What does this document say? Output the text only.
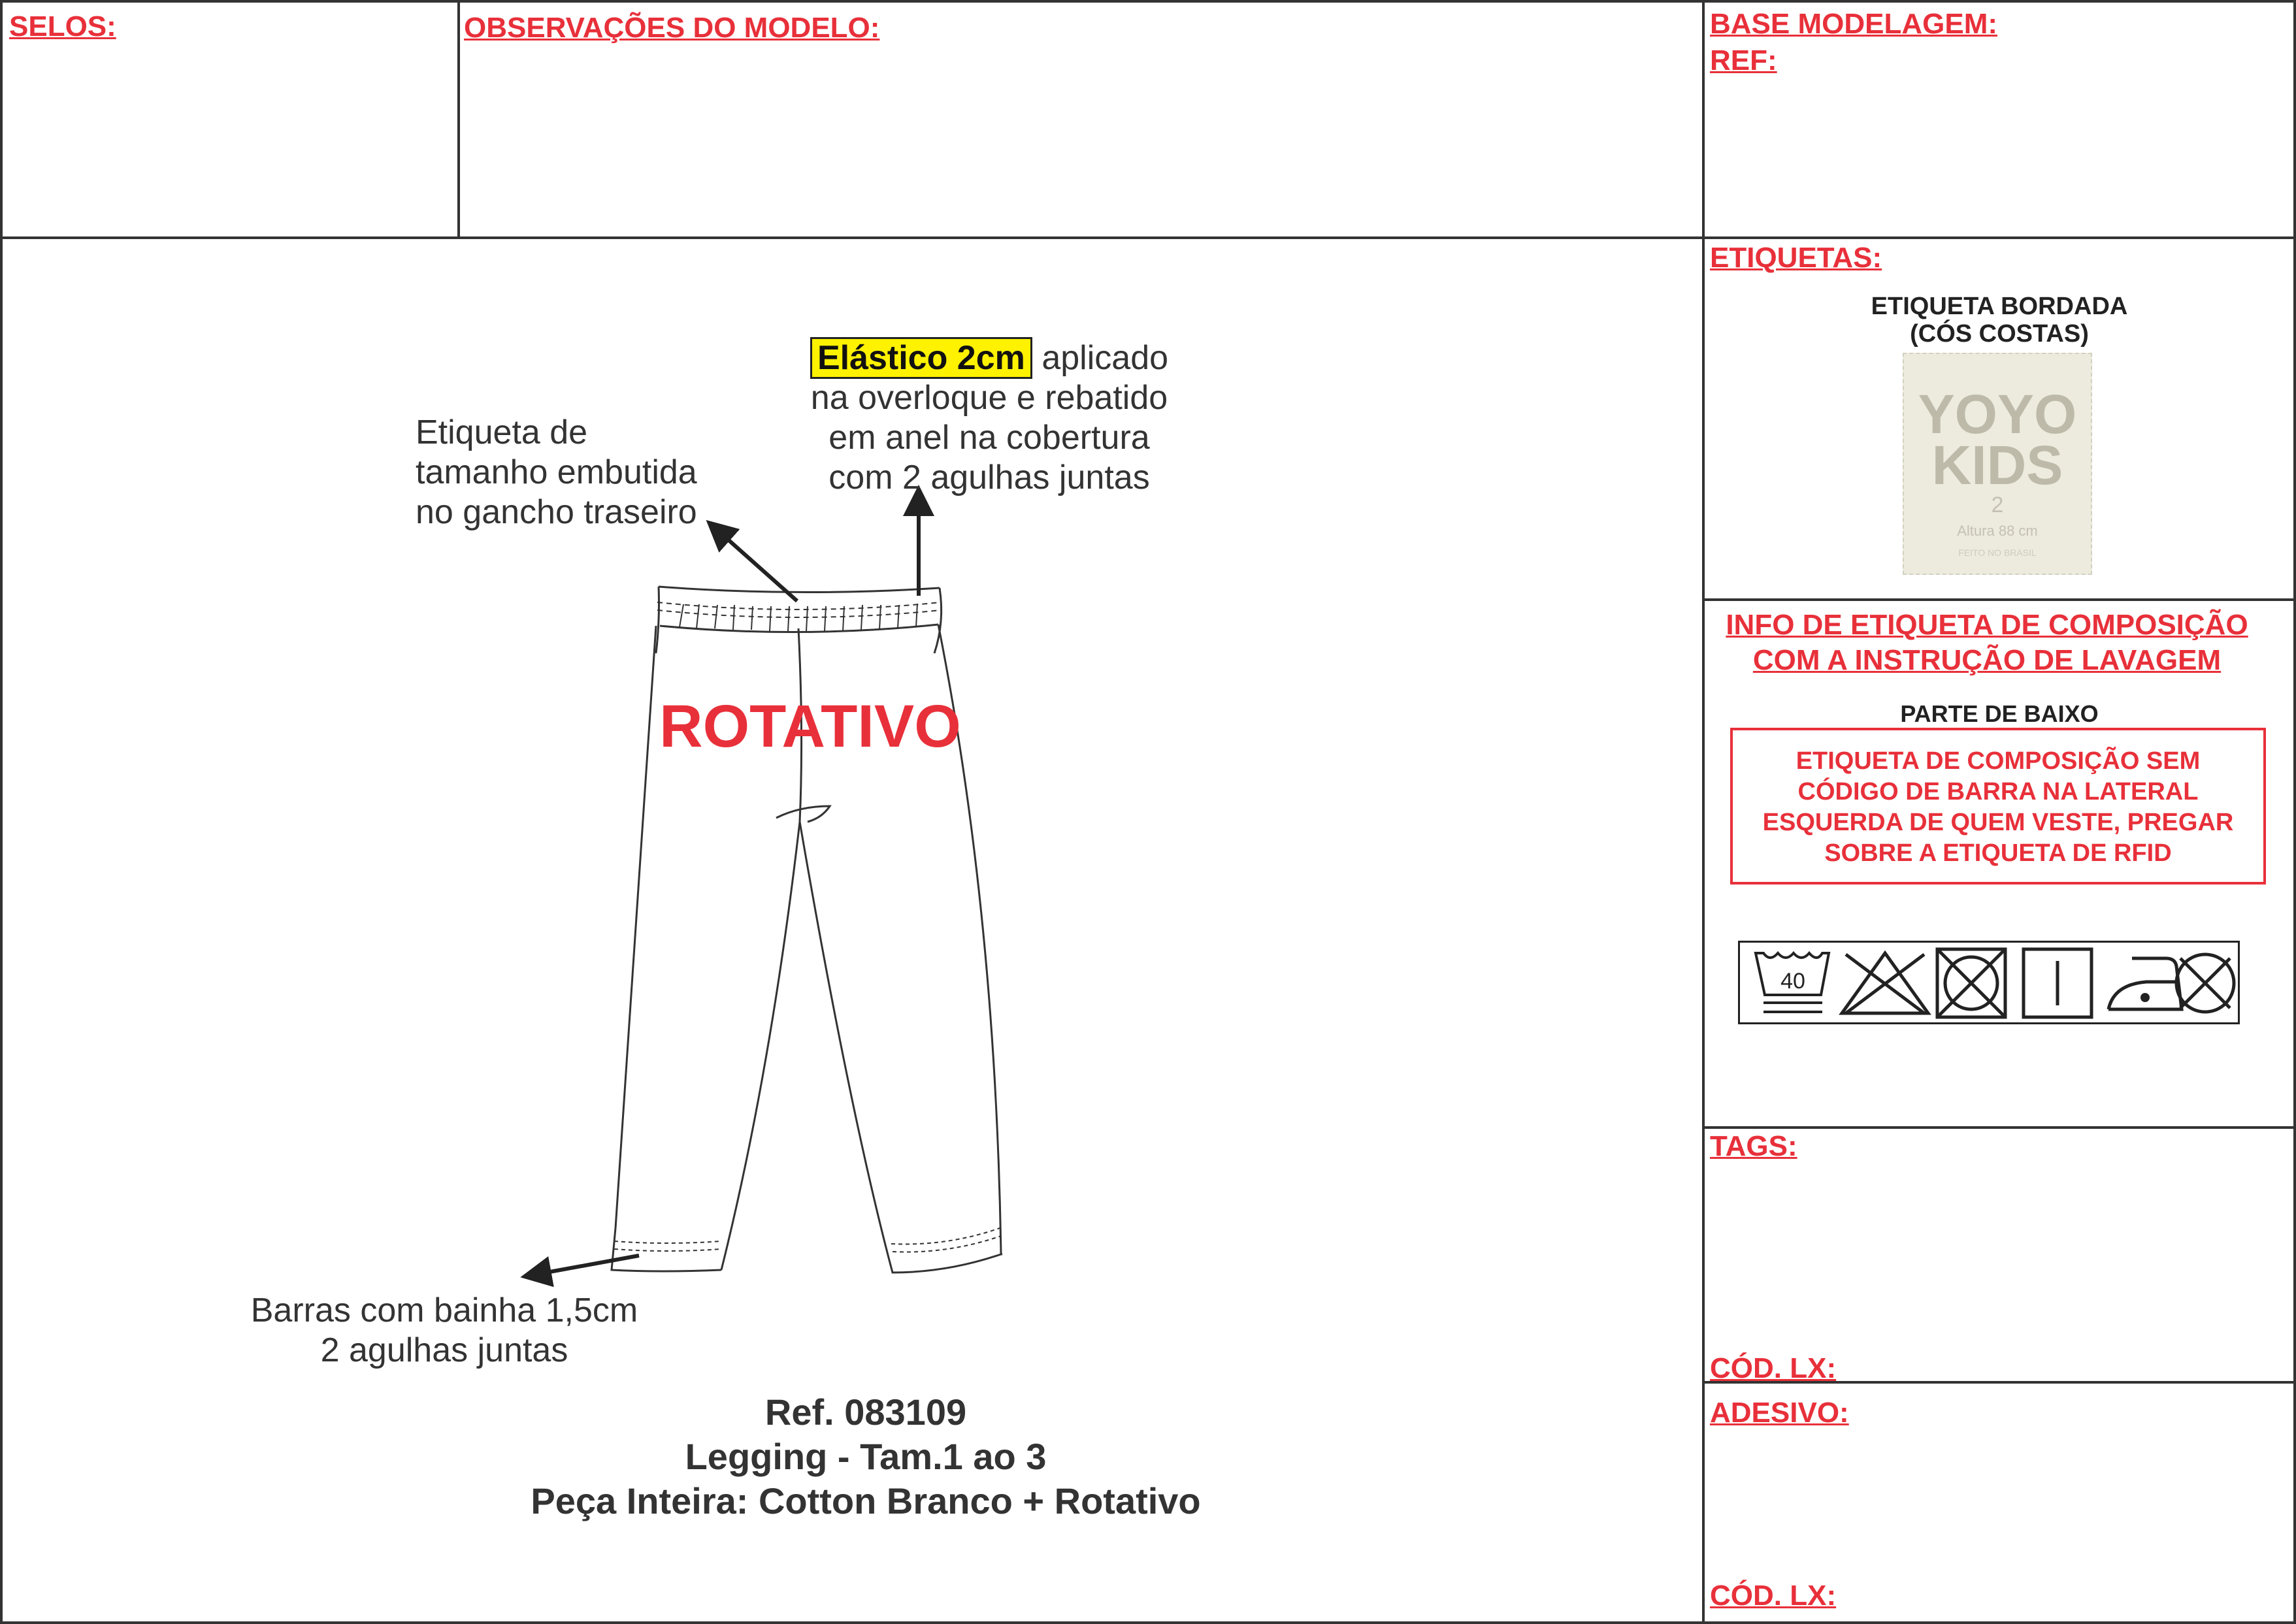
SELOS:	OBSERVAÇÕES DO MODELO:	BASE MODELAGEM:
REF:
ETIQUETAS:
INFO DE ETIQUETA DE COMPOSIÇÃO
COM A INSTRUÇÃO DE LAVAGEM
TAGS:
CÓD. LX:
ADESIVO:
CÓD. LX:
ETIQUETA BORDADA
(CÓS COSTAS)
YOYO
KIDS
2
Altura 88 cm
FEITO NO BRASIL
PARTE DE BAIXO
ETIQUETA DE COMPOSIÇÃO SEM
CÓDIGO DE BARRA NA LATERAL
ESQUERDA DE QUEM VESTE, PREGAR
SOBRE A ETIQUETA DE RFID
40
ROTATIVO
Elástico 2cm aplicado
na overloque e rebatido
em anel na cobertura
com 2 agulhas juntas
Etiqueta de
tamanho embutida
no gancho traseiro
Barras com bainha 1,5cm
2 agulhas juntas
Ref. 083109
Legging - Tam.1 ao 3
Peça Inteira: Cotton Branco + Rotativo
